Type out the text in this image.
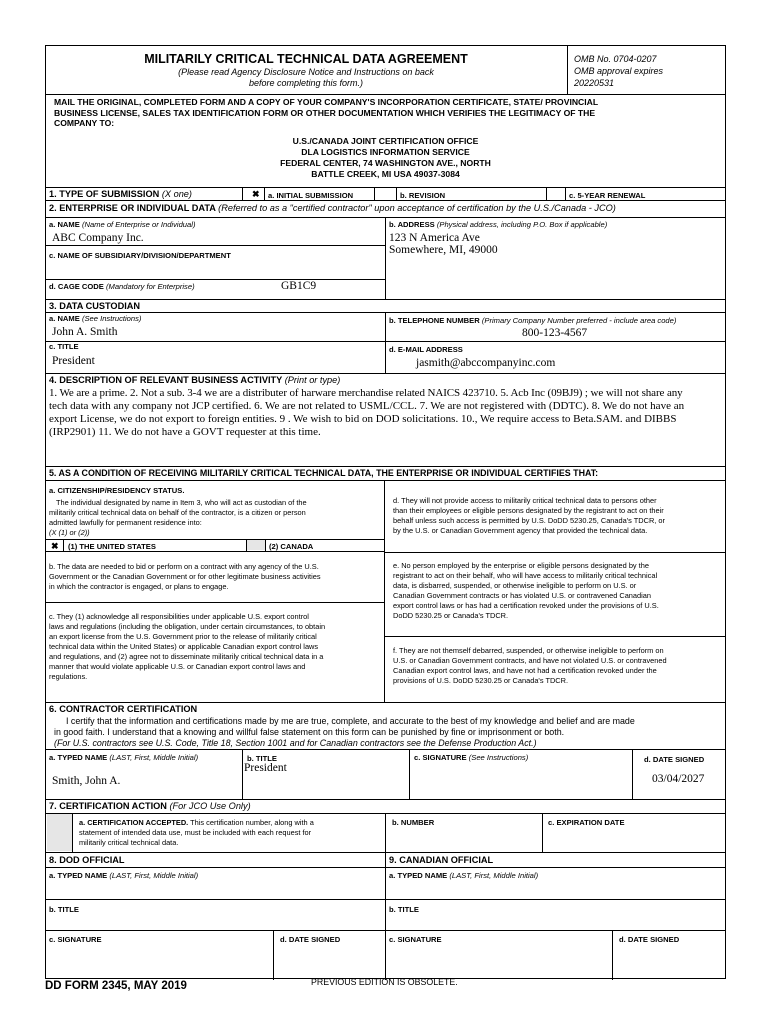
MILITARILY CRITICAL TECHNICAL DATA AGREEMENT
(Please read Agency Disclosure Notice and Instructions on back
before completing this form.)
OMB No. 0704-0207
OMB approval expires
20220531
MAIL THE ORIGINAL, COMPLETED FORM AND A COPY OF YOUR COMPANY'S INCORPORATION CERTIFICATE, STATE/ PROVINCIAL
BUSINESS LICENSE, SALES TAX IDENTIFICATION FORM OR OTHER DOCUMENTATION WHICH VERIFIES THE LEGITIMACY OF THE
COMPANY TO:
U.S./CANADA JOINT CERTIFICATION OFFICE
DLA LOGISTICS INFORMATION SERVICE
FEDERAL CENTER, 74 WASHINGTON AVE., NORTH
BATTLE CREEK, MI USA 49037-3084
1. TYPE OF SUBMISSION (X one)	✖ a. INITIAL SUBMISSION	b. REVISION	c. 5-YEAR RENEWAL
2. ENTERPRISE OR INDIVIDUAL DATA (Referred to as a "certified contractor" upon acceptance of certification by the U.S./Canada - JCO)
a. NAME (Name of Enterprise or Individual)
ABC Company Inc.
b. ADDRESS (Physical address, including P.O. Box if applicable)
123 N America Ave
Somewhere, MI, 49000
c. NAME OF SUBSIDIARY/DIVISION/DEPARTMENT
d. CAGE CODE (Mandatory for Enterprise)	GB1C9
3. DATA CUSTODIAN
a. NAME (See Instructions)
John A. Smith
b. TELEPHONE NUMBER (Primary Company Number preferred - include area code)
800-123-4567
c. TITLE
President
d. E-MAIL ADDRESS
jasmith@abccompanyinc.com
4. DESCRIPTION OF RELEVANT BUSINESS ACTIVITY (Print or type)
1. We are a prime. 2. Not a sub. 3-4 we are a distributer of harware merchandise related NAICS 423710. 5. Acb Inc (09BJ9) ; we will not share any
tech data with any company not JCP certified. 6. We are not related to USML/CCL. 7. We are not registered with (DDTC). 8. We do not have an
export License, we do not export to foreign entities. 9 . We wish to bid on DOD solicitations. 10., We require access to Beta.SAM. and DIBBS
(IRP2901) 11. We do not have a GOVT requester at this time.
5. AS A CONDITION OF RECEIVING MILITARILY CRITICAL TECHNICAL DATA, THE ENTERPRISE OR INDIVIDUAL CERTIFIES THAT:
a. CITIZENSHIP/RESIDENCY STATUS.
The individual designated by name in Item 3, who will act as custodian of the
militarily critical technical data on behalf of the contractor, is a citizen or person
admitted lawfully for permanent residence into:
(X (1) or (2))
✖ (1) THE UNITED STATES	(2) CANADA
b. The data are needed to bid or perform on a contract with any agency of the U.S.
Government or the Canadian Government or for other legitimate business activities
in which the contractor is engaged, or plans to engage.
c. They (1) acknowledge all responsibilities under applicable U.S. export control
laws and regulations (including the obligation, under certain circumstances, to obtain
an export license from the U.S. Government prior to the release of militarily critical
technical data within the United States) or applicable Canadian export control laws
and regulations, and (2) agree not to disseminate militarily critical technical data in a
manner that would violate applicable U.S. or Canadian export control laws and
regulations.
d. They will not provide access to militarily critical technical data to persons other
than their employees or eligible persons designated by the registrant to act on their
behalf unless such access is permitted by U.S. DoDD 5230.25, Canada's TDCR, or
by the U.S. or Canadian Government agency that provided the technical data.
e. No person employed by the enterprise or eligible persons designated by the
registrant to act on their behalf, who will have access to militarily critical technical
data, is disbarred, suspended, or otherwise ineligible to perform on U.S. or
Canadian Government contracts or has violated U.S. or contravened Canadian
export control laws or has had a certification revoked under the provisions of U.S.
DoDD 5230.25 or Canada's TDCR.
f. They are not themself debarred, suspended, or otherwise ineligible to perform on
U.S. or Canadian Government contracts, and have not violated U.S. or contravened
Canadian export control laws, and have not had a certification revoked under the
provisions of U.S. DoDD 5230.25 or Canada's TDCR.
6. CONTRACTOR CERTIFICATION
I certify that the information and certifications made by me are true, complete, and accurate to the best of my knowledge and belief and are made
in good faith. I understand that a knowing and willful false statement on this form can be punished by fine or imprisonment or both.
(For U.S. contractors see U.S. Code, Title 18, Section 1001 and for Canadian contractors see the Defense Production Act.)
a. TYPED NAME (LAST, First, Middle Initial)
Smith, John A.
b. TITLE
President
c. SIGNATURE (See Instructions)	d. DATE SIGNED
03/04/2027
7. CERTIFICATION ACTION (For JCO Use Only)
a. CERTIFICATION ACCEPTED. This certification number, along with a
statement of intended data use, must be included with each request for
militarily critical technical data.
b. NUMBER	c. EXPIRATION DATE
8. DOD OFFICIAL	9. CANADIAN OFFICIAL
a. TYPED NAME (LAST, First, Middle Initial)	a. TYPED NAME (LAST, First, Middle Initial)
b. TITLE	b. TITLE
c. SIGNATURE	d. DATE SIGNED	c. SIGNATURE	d. DATE SIGNED
DD FORM 2345, MAY 2019	PREVIOUS EDITION IS OBSOLETE.
